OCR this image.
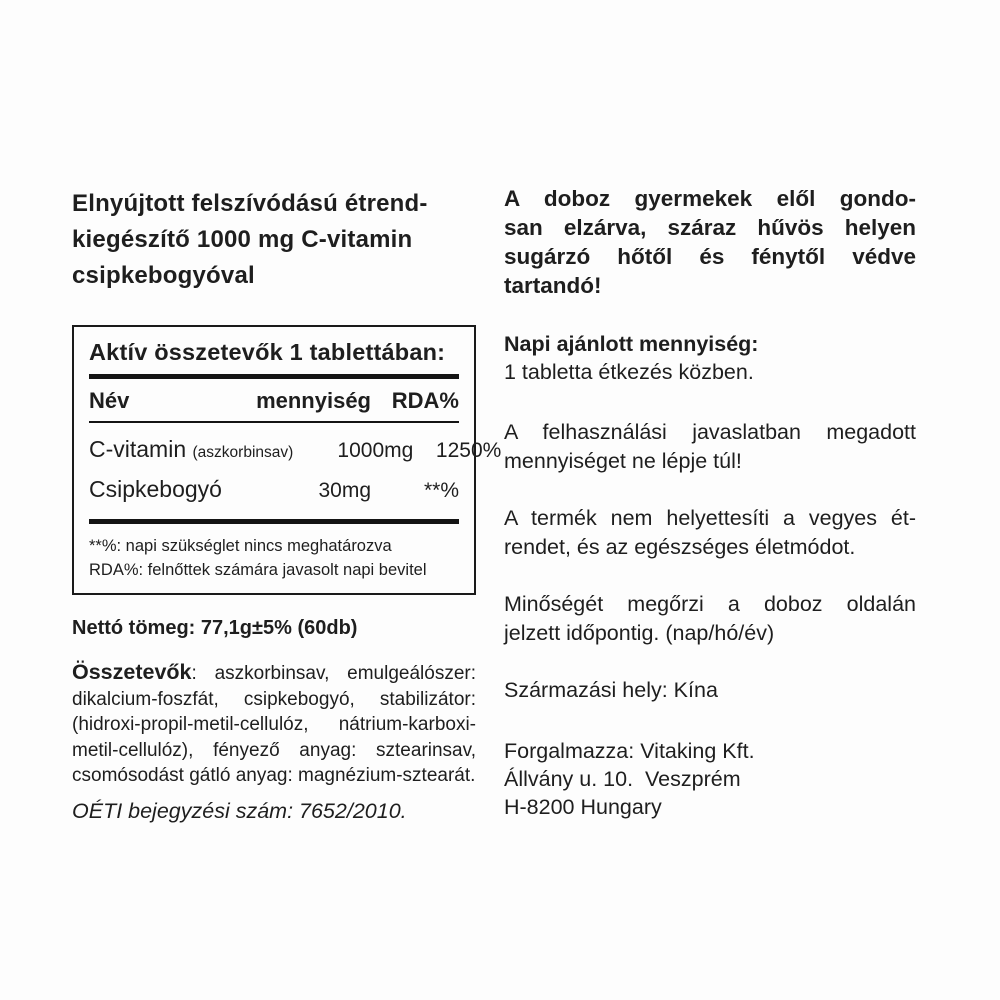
Elnyújtott felszívódású étrend-
kiegészítő 1000 mg C-vitamin
csipkebogyóval
Aktív összetevők 1 tablettában:
Név	mennyiség RDA%
C-vitamin (aszkorbinsav)	1000mg	1250%
Csipkebogyó	30mg	**%
**%: napi szükséglet nincs meghatározva
RDA%: felnőttek számára javasolt napi bevitel

Nettó tömeg: 77,1g±5% (60db)

Összetevők: aszkorbinsav, emulgeálószer:
dikalcium-foszfát, csipkebogyó, stabilizátor:
(hidroxi-propil-metil-cellulóz, nátrium-karboxi-
metil-cellulóz), fényező anyag: sztearinsav,
csomósodást gátló anyag: magnézium-sztearát.

OÉTI bejegyzési szám: 7652/2010.

A doboz gyermekek elől gondo-
san elzárva, száraz hűvös helyen
sugárzó hőtől és fénytől védve
tartandó!

Napi ajánlott mennyiség:
1 tabletta étkezés közben.

A felhasználási javaslatban megadott
mennyiséget ne lépje túl!

A termék nem helyettesíti a vegyes ét-
rendet, és az egészséges életmódot.

Minőségét megőrzi a doboz oldalán
jelzett időpontig. (nap/hó/év)

Származási hely: Kína

Forgalmazza: Vitaking Kft.
Állvány u. 10.  Veszprém
H-8200 Hungary
